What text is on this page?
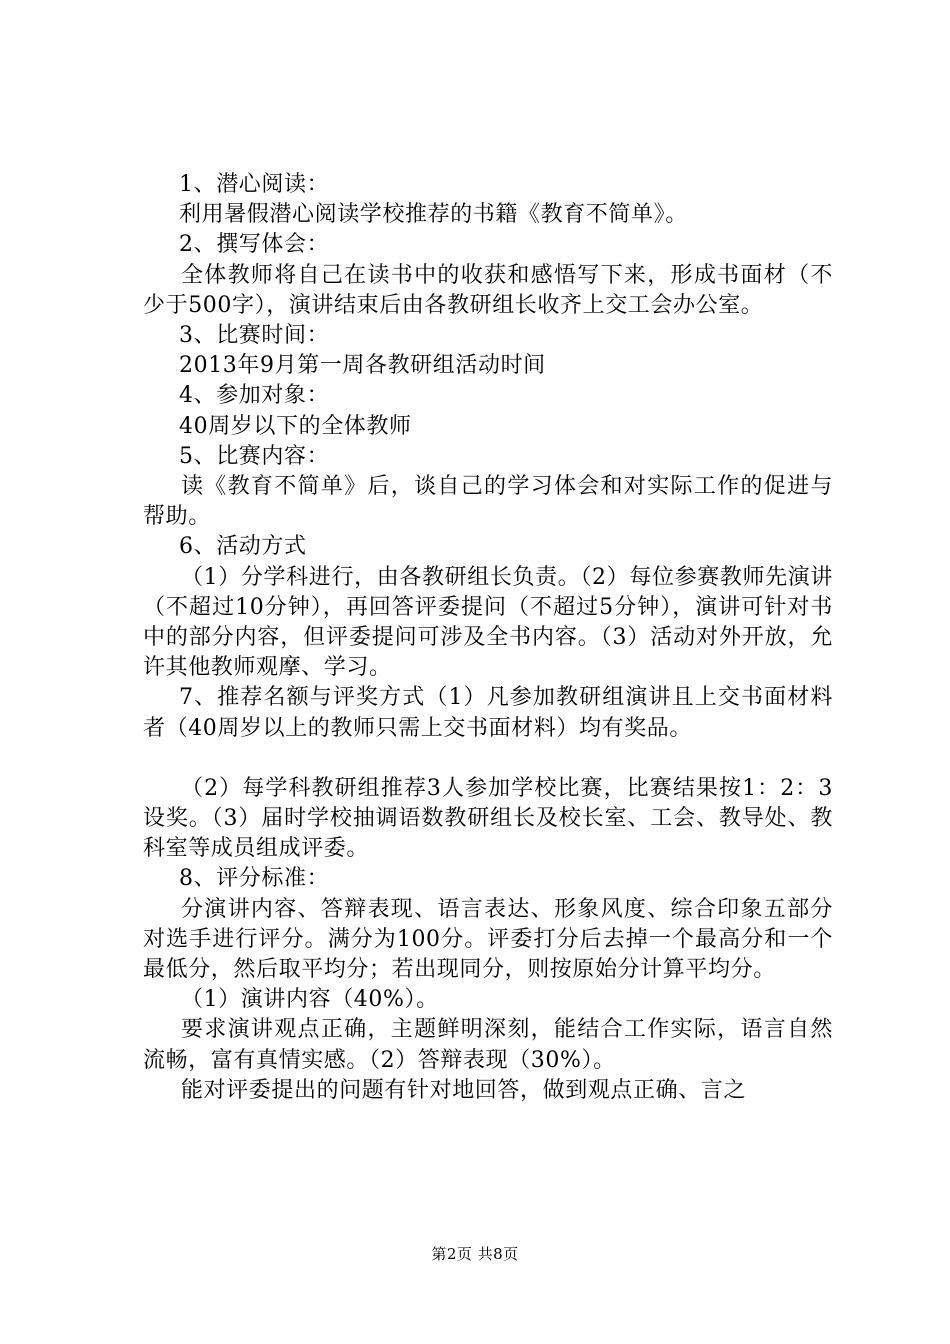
1、潜心阅读：

利用暑假潜心阅读学校推荐的书籍《教育不简单》。

2、撰写体会：

全体教师将自己在读书中的收获和感悟写下来，形成书面材（不少于500字），演讲结束后由各教研组长收齐上交工会办公室。

3、比赛时间：

2013年9月第一周各教研组活动时间

4、参加对象：

40周岁以下的全体教师

5、比赛内容：

读《教育不简单》后，谈自己的学习体会和对实际工作的促进与帮助。

6、活动方式

（1）分学科进行，由各教研组长负责。（2）每位参赛教师先演讲（不超过10分钟），再回答评委提问（不超过5分钟），演讲可针对书中的部分内容，但评委提问可涉及全书内容。（3）活动对外开放，允许其他教师观摩、学习。

7、推荐名额与评奖方式（1）凡参加教研组演讲且上交书面材料者（40周岁以上的教师只需上交书面材料）均有奖品。

（2）每学科教研组推荐3人参加学校比赛，比赛结果按1：2：3设奖。（3）届时学校抽调语数教研组长及校长室、工会、教导处、教科室等成员组成评委。

8、评分标准：

分演讲内容、答辩表现、语言表达、形象风度、综合印象五部分对选手进行评分。满分为100分。评委打分后去掉一个最高分和一个最低分，然后取平均分；若出现同分，则按原始分计算平均分。

（1）演讲内容（40%）。

要求演讲观点正确，主题鲜明深刻，能结合工作实际，语言自然流畅，富有真情实感。（2）答辩表现（30%）。

能对评委提出的问题有针对地回答，做到观点正确、言之

第2页 共8页
